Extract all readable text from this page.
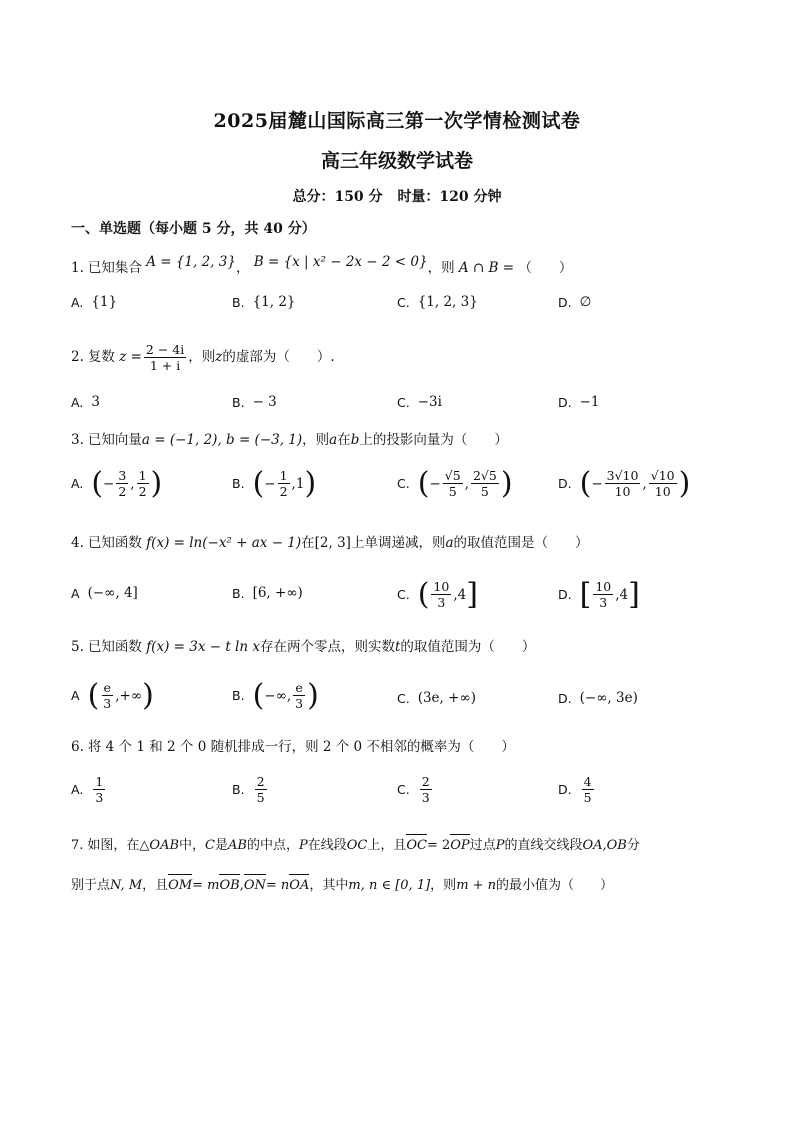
2025届麓山国际高三第一次学情检测试卷
高三年级数学试卷
总分：150 分 时量：120 分钟
一、单选题（每小题 5 分，共 40 分）
1. 已知集合 A = {1, 2, 3}， B = {x | x² − 2x − 2 < 0}，则 A ∩ B = （　　）
A. {1}	B. {1, 2}	C. {1, 2, 3}	D. ∅
2. 复数 $z = \frac{2 - 4i}{1 + i}$ ，则z的虚部为（　　）.
A. 3	B. − 3	C. −3i	D. −1
3. 已知向量a = (−1, 2), b = (−3, 1)，则a在b上的投影向量为（　　）
A. ( − $\frac{3}{2}$ , $\frac{1}{2}$ )	B. ( − $\frac{1}{2}$ , 1 )	C. ( − $\frac{√5}{5}$ , $\frac{2√5}{5}$ )	D. ( − $\frac{3√10}{10}$ , $\frac{√10}{10}$ )
4. 已知函数 f(x) = ln(−x² + ax − 1)在[2, 3]上单调递减，则a的取值范围是（　　）
A (−∞, 4]	B. [6, +∞)	C. ( $\frac{10}{3}$ , 4 ]	D. [ $\frac{10}{3}$ , 4 ]
5. 已知函数 f(x) = 3x − t ln x存在两个零点，则实数t的取值范围为（　　）
A ( $\frac{e}{3}$ , +∞ )	B. ( −∞, $\frac{e}{3}$ )	C. (3e, +∞)	D. (−∞, 3e)
6. 将 4 个 1 和 2 个 0 随机排成一行，则 2 个 0 不相邻的概率为（　　）
A. $\frac{1}{3}$	B. $\frac{2}{5}$	C. $\frac{2}{3}$	D. $\frac{4}{5}$
7. 如图，在△OAB中，C是AB的中点，P在线段OC上，且OC= 2OP过点P的直线交线段OA,OB分
别于点N, M，且OM= mOB,ON= nOA，其中m, n ∈ [0, 1]，则m + n的最小值为（　　）
